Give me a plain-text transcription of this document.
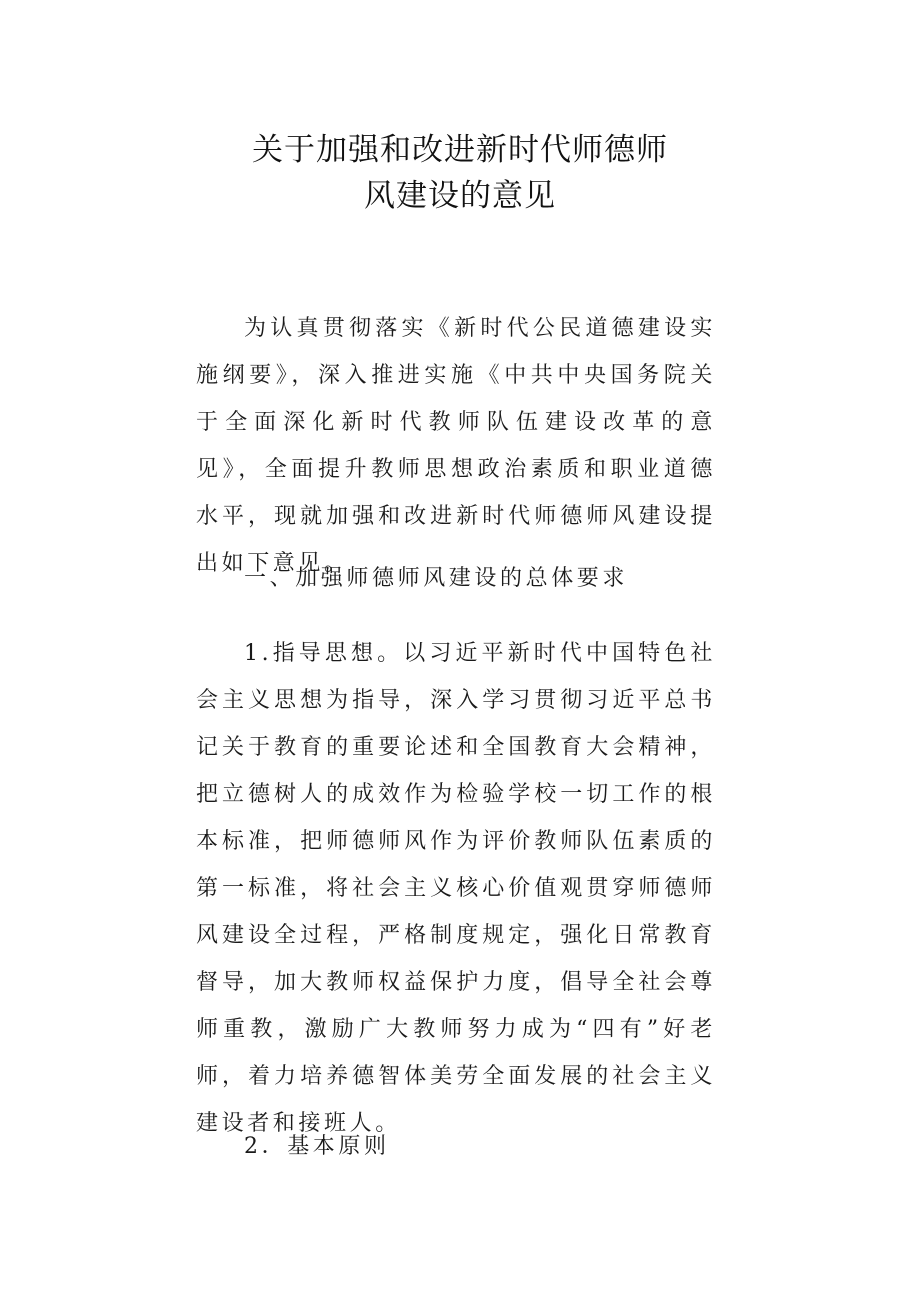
关于加强和改进新时代师德师
风建设的意见

为认真贯彻落实《新时代公民道德建设实施纲要》，深入推进实施《中共中央国务院关于全面深化新时代教师队伍建设改革的意见》，全面提升教师思想政治素质和职业道德水平，现就加强和改进新时代师德师风建设提出如下意见。

一、加强师德师风建设的总体要求

1.指导思想。以习近平新时代中国特色社会主义思想为指导，深入学习贯彻习近平总书记关于教育的重要论述和全国教育大会精神，把立德树人的成效作为检验学校一切工作的根本标准，把师德师风作为评价教师队伍素质的第一标准，将社会主义核心价值观贯穿师德师风建设全过程，严格制度规定，强化日常教育督导，加大教师权益保护力度，倡导全社会尊师重教，激励广大教师努力成为“四有”好老师，着力培养德智体美劳全面发展的社会主义建设者和接班人。

2．基本原则
